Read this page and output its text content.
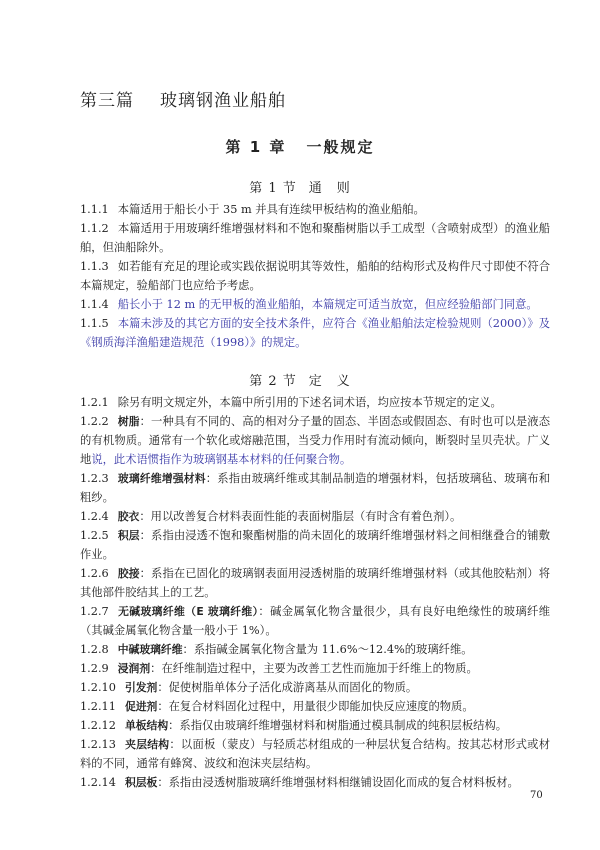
第三篇 玻璃钢渔业船舶
第 1 章 一般规定
第 1 节 通　则

1.1.1 本篇适用于船长小于 35 m 并具有连续甲板结构的渔业船舶。

1.1.2 本篇适用于用玻璃纤维增强材料和不饱和聚酯树脂以手工成型（含喷射成型）的渔业船舶，但油船除外。

1.1.3 如若能有充足的理论或实践依据说明其等效性，船舶的结构形式及构件尺寸即使不符合本篇规定，验船部门也应给予考虑。

1.1.4 船长小于 12 m 的无甲板的渔业船舶，本篇规定可适当放宽，但应经验船部门同意。

1.1.5 本篇未涉及的其它方面的安全技术条件，应符合《渔业船舶法定检验规则（2000）》及《钢质海洋渔船建造规范（1998）》的规定。

第 2 节 定　义

1.2.1 除另有明文规定外，本篇中所引用的下述名词术语，均应按本节规定的定义。

1.2.2 树脂：一种具有不同的、高的相对分子量的固态、半固态或假固态、有时也可以是液态的有机物质。通常有一个软化或熔融范围，当受力作用时有流动倾向，断裂时呈贝壳状。广义地说，此术语惯指作为玻璃钢基本材料的任何聚合物。

1.2.3 玻璃纤维增强材料：系指由玻璃纤维或其制品制造的增强材料，包括玻璃毡、玻璃布和粗纱。

1.2.4 胶衣：用以改善复合材料表面性能的表面树脂层（有时含有着色剂）。

1.2.5 积层：系指由浸透不饱和聚酯树脂的尚未固化的玻璃纤维增强材料之间相继叠合的铺敷作业。

1.2.6 胶接：系指在已固化的玻璃钢表面用浸透树脂的玻璃纤维增强材料（或其他胶粘剂）将其他部件胶结其上的工艺。

1.2.7 无碱玻璃纤维（E 玻璃纤维）：碱金属氧化物含量很少，具有良好电绝缘性的玻璃纤维（其碱金属氧化物含量一般小于 1%）。

1.2.8 中碱玻璃纤维：系指碱金属氧化物含量为 11.6%～12.4%的玻璃纤维。

1.2.9 浸润剂：在纤维制造过程中，主要为改善工艺性而施加于纤维上的物质。

1.2.10 引发剂：促使树脂单体分子活化成游离基从而固化的物质。

1.2.11 促进剂：在复合材料固化过程中，用量很少即能加快反应速度的物质。

1.2.12 单板结构：系指仅由玻璃纤维增强材料和树脂通过模具制成的纯积层板结构。

1.2.13 夹层结构：以面板（蒙皮）与轻质芯材组成的一种层状复合结构。按其芯材形式或材料的不同，通常有蜂窝、波纹和泡沫夹层结构。

1.2.14 积层板：系指由浸透树脂玻璃纤维增强材料相继铺设固化而成的复合材料板材。

70
